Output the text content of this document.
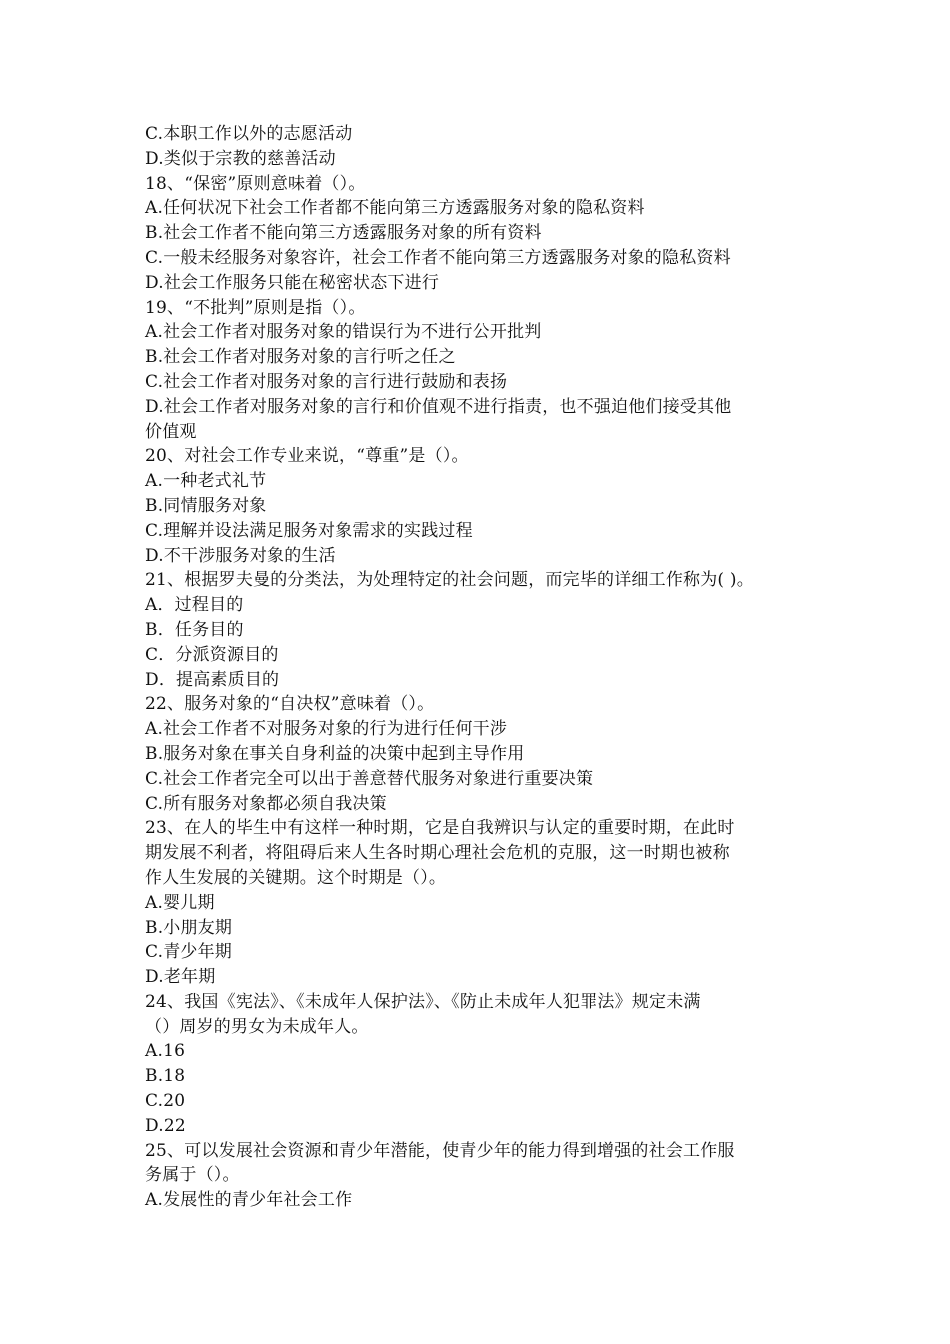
C.本职工作以外的志愿活动
D.类似于宗教的慈善活动
18、“保密”原则意味着（）。
A.任何状况下社会工作者都不能向第三方透露服务对象的隐私资料
B.社会工作者不能向第三方透露服务对象的所有资料
C.一般未经服务对象容许，社会工作者不能向第三方透露服务对象的隐私资料
D.社会工作服务只能在秘密状态下进行
19、“不批判”原则是指（）。
A.社会工作者对服务对象的错误行为不进行公开批判
B.社会工作者对服务对象的言行听之任之
C.社会工作者对服务对象的言行进行鼓励和表扬
D.社会工作者对服务对象的言行和价值观不进行指责，也不强迫他们接受其他
价值观
20、对社会工作专业来说，“尊重”是（）。
A.一种老式礼节
B.同情服务对象
C.理解并设法满足服务对象需求的实践过程
D.不干涉服务对象的生活
21、根据罗夫曼的分类法，为处理特定的社会问题，而完毕的详细工作称为( )。
A．过程目的
B．任务目的
C．分派资源目的
D．提高素质目的
22、服务对象的“自决权”意味着（）。
A.社会工作者不对服务对象的行为进行任何干涉
B.服务对象在事关自身利益的决策中起到主导作用
C.社会工作者完全可以出于善意替代服务对象进行重要决策
C.所有服务对象都必须自我决策
23、在人的毕生中有这样一种时期，它是自我辨识与认定的重要时期，在此时
期发展不利者，将阻碍后来人生各时期心理社会危机的克服，这一时期也被称
作人生发展的关键期。这个时期是（）。
A.婴儿期
B.小朋友期
C.青少年期
D.老年期
24、我国《宪法》、《未成年人保护法》、《防止未成年人犯罪法》规定未满
（）周岁的男女为未成年人。
A.16
B.18
C.20
D.22
25、可以发展社会资源和青少年潜能，使青少年的能力得到增强的社会工作服
务属于（）。
A.发展性的青少年社会工作
